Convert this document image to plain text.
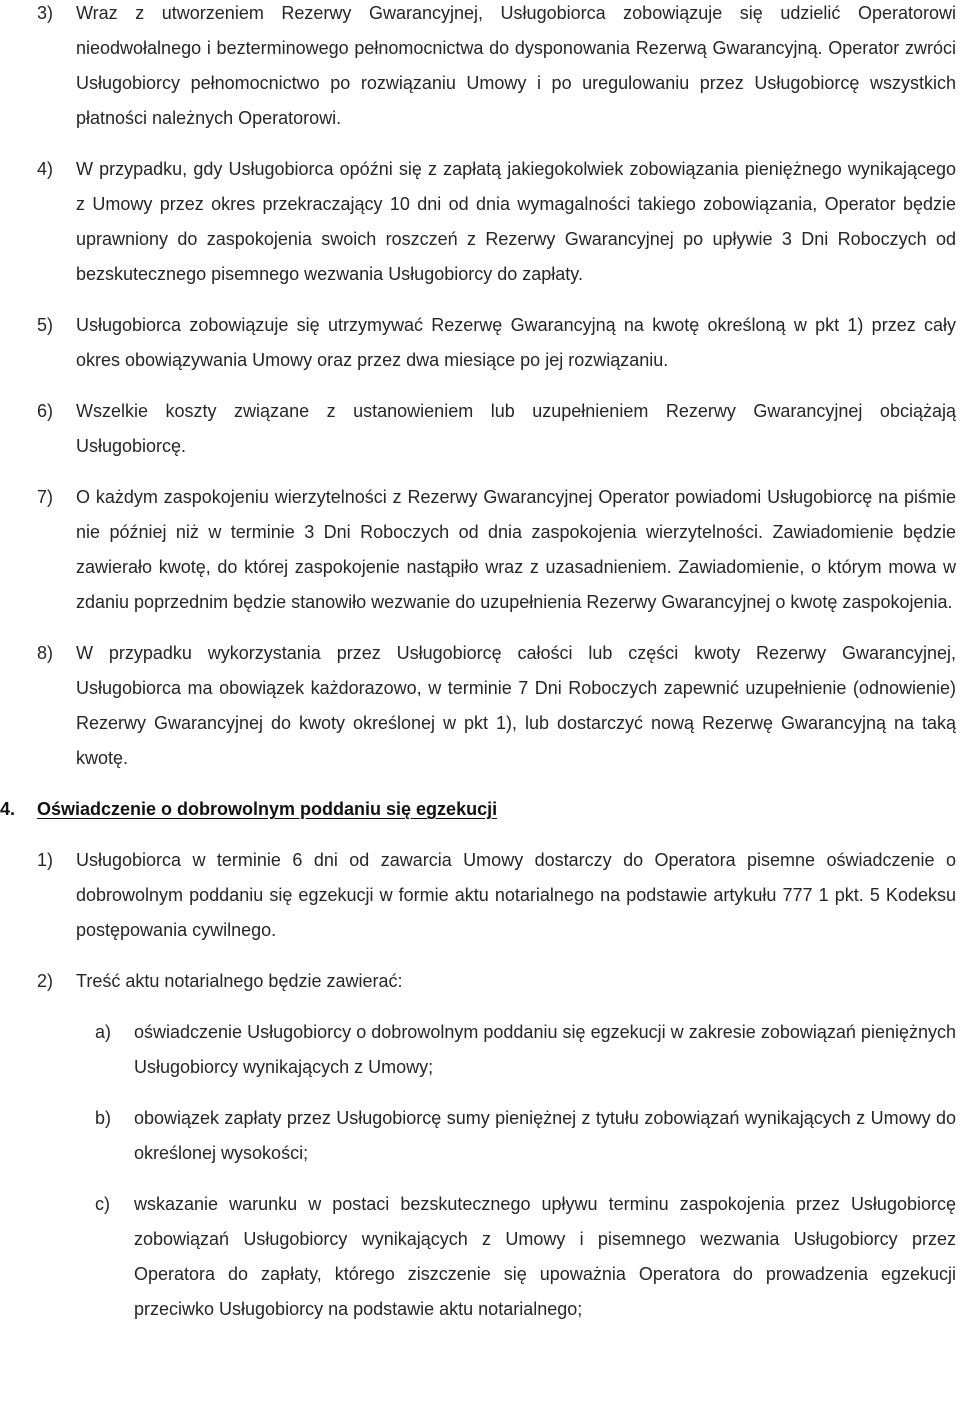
3) Wraz z utworzeniem Rezerwy Gwarancyjnej, Usługobiorca zobowiązuje się udzielić Operatorowi nieodwołalnego i bezterminowego pełnomocnictwa do dysponowania Rezerwą Gwarancyjną. Operator zwróci Usługobiorcy pełnomocnictwo po rozwiązaniu Umowy i po uregulowaniu przez Usługobiorcę wszystkich płatności należnych Operatorowi.
4) W przypadku, gdy Usługobiorca opóźni się z zapłatą jakiegokolwiek zobowiązania pieniężnego wynikającego z Umowy przez okres przekraczający 10 dni od dnia wymagalności takiego zobowiązania, Operator będzie uprawniony do zaspokojenia swoich roszczeń z Rezerwy Gwarancyjnej po upływie 3 Dni Roboczych od bezskutecznego pisemnego wezwania Usługobiorcy do zapłaty.
5) Usługobiorca zobowiązuje się utrzymywać Rezerwę Gwarancyjną na kwotę określoną w pkt 1) przez cały okres obowiązywania Umowy oraz przez dwa miesiące po jej rozwiązaniu.
6) Wszelkie koszty związane z ustanowieniem lub uzupełnieniem Rezerwy Gwarancyjnej obciążają Usługobiorcę.
7) O każdym zaspokojeniu wierzytelności z Rezerwy Gwarancyjnej Operator powiadomi Usługobiorcę na piśmie nie później niż w terminie 3 Dni Roboczych od dnia zaspokojenia wierzytelności. Zawiadomienie będzie zawierało kwotę, do której zaspokojenie nastąpiło wraz z uzasadnieniem. Zawiadomienie, o którym mowa w zdaniu poprzednim będzie stanowiło wezwanie do uzupełnienia Rezerwy Gwarancyjnej o kwotę zaspokojenia.
8) W przypadku wykorzystania przez Usługobiorcę całości lub części kwoty Rezerwy Gwarancyjnej, Usługobiorca ma obowiązek każdorazowo, w terminie 7 Dni Roboczych zapewnić uzupełnienie (odnowienie) Rezerwy Gwarancyjnej do kwoty określonej w pkt 1), lub dostarczyć nową Rezerwę Gwarancyjną na taką kwotę.
4. Oświadczenie o dobrowolnym poddaniu się egzekucji
1) Usługobiorca w terminie 6 dni od zawarcia Umowy dostarczy do Operatora pisemne oświadczenie o dobrowolnym poddaniu się egzekucji w formie aktu notarialnego na podstawie artykułu 777 1 pkt. 5 Kodeksu postępowania cywilnego.
2) Treść aktu notarialnego będzie zawierać:
a) oświadczenie Usługobiorcy o dobrowolnym poddaniu się egzekucji w zakresie zobowiązań pieniężnych Usługobiorcy wynikających z Umowy;
b) obowiązek zapłaty przez Usługobiorcę sumy pieniężnej z tytułu zobowiązań wynikających z Umowy do określonej wysokości;
c) wskazanie warunku w postaci bezskutecznego upływu terminu zaspokojenia przez Usługobiorcę zobowiązań Usługobiorcy wynikających z Umowy i pisemnego wezwania Usługobiorcy przez Operatora do zapłaty, którego ziszczenie się upoważnia Operatora do prowadzenia egzekucji przeciwko Usługobiorcy na podstawie aktu notarialnego;
